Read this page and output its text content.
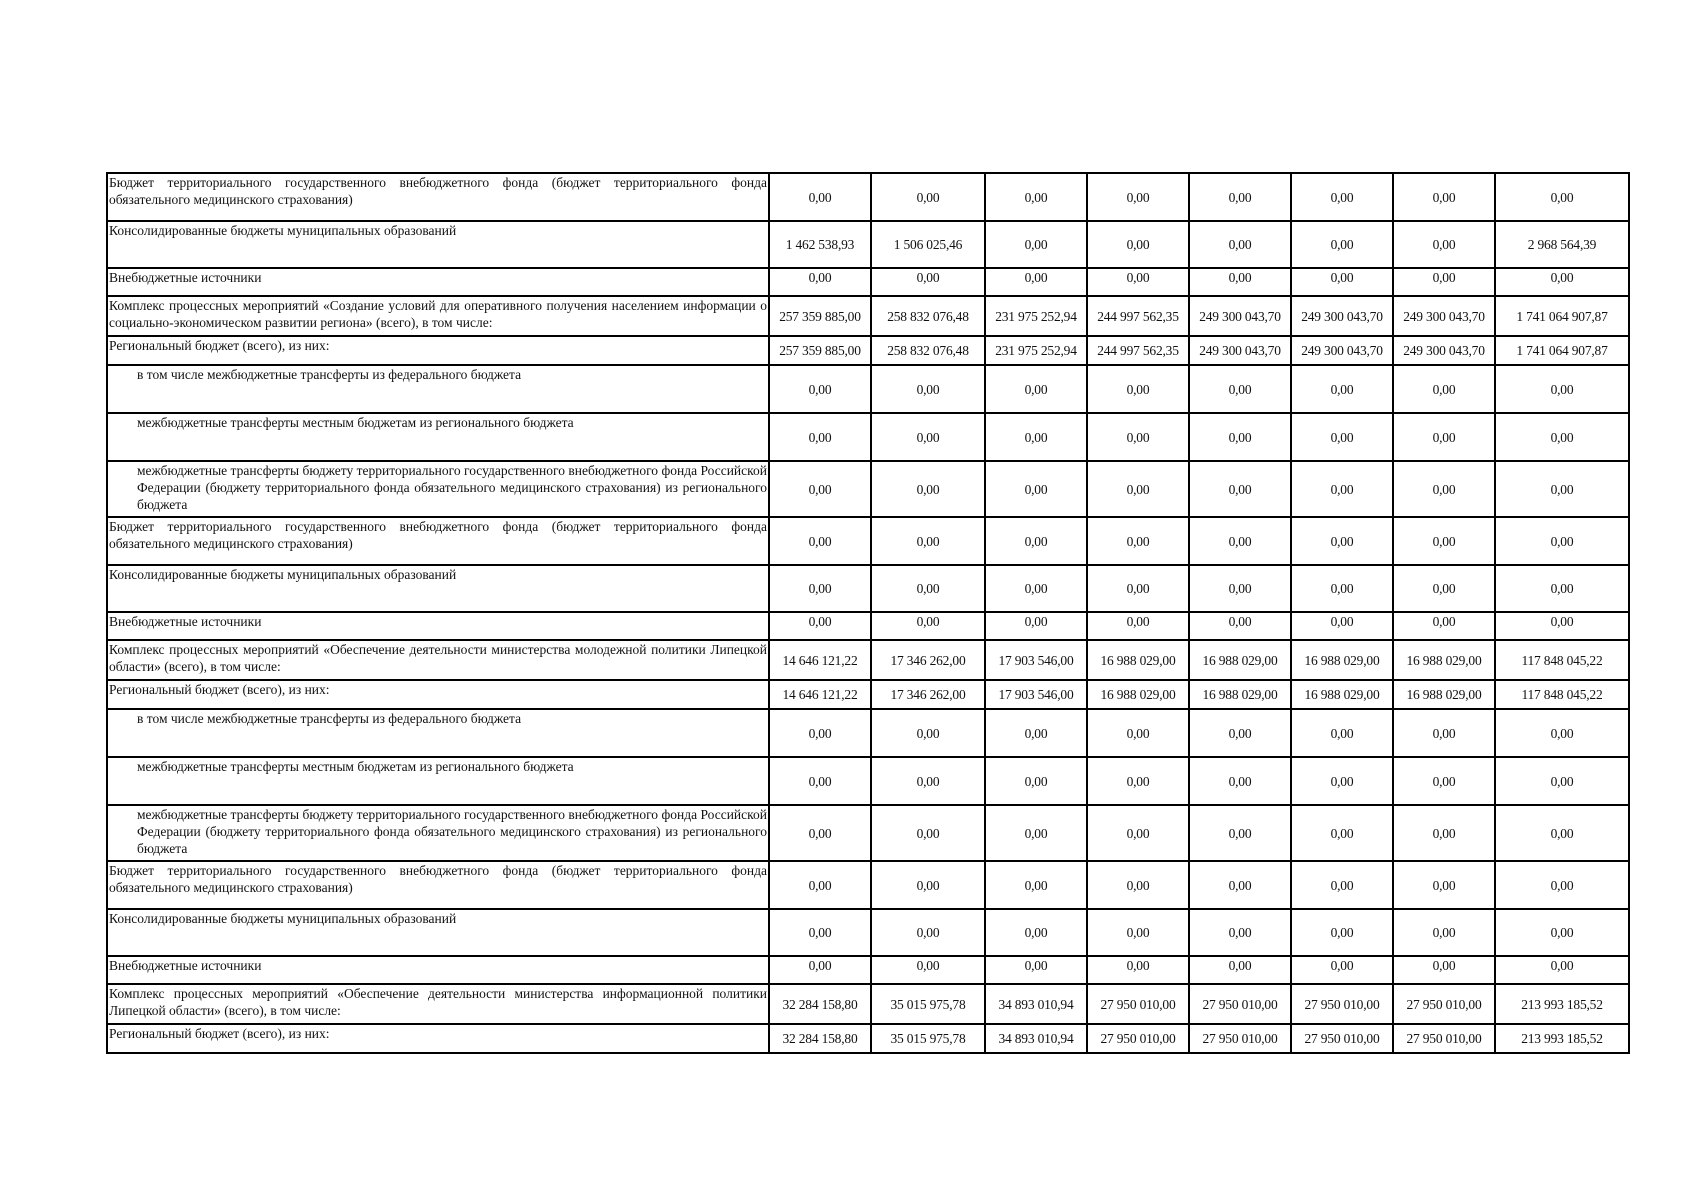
Бюджет территориального государственного внебюджетного фонда (бюджет территориального фонда обязательного медицинского страхования)	0,00	0,00	0,00	0,00	0,00	0,00	0,00	0,00
Консолидированные бюджеты муниципальных образований	1 462 538,93	1 506 025,46	0,00	0,00	0,00	0,00	0,00	2 968 564,39
Внебюджетные источники	0,00	0,00	0,00	0,00	0,00	0,00	0,00	0,00
Комплекс процессных мероприятий «Создание условий для оперативного получения населением информации о социально-экономическом развитии региона» (всего), в том числе:	257 359 885,00	258 832 076,48	231 975 252,94	244 997 562,35	249 300 043,70	249 300 043,70	249 300 043,70	1 741 064 907,87
Региональный бюджет (всего), из них:	257 359 885,00	258 832 076,48	231 975 252,94	244 997 562,35	249 300 043,70	249 300 043,70	249 300 043,70	1 741 064 907,87
в том числе межбюджетные трансферты из федерального бюджета	0,00	0,00	0,00	0,00	0,00	0,00	0,00	0,00
межбюджетные трансферты местным бюджетам из регионального бюджета	0,00	0,00	0,00	0,00	0,00	0,00	0,00	0,00
межбюджетные трансферты бюджету территориального государственного внебюджетного фонда Российской Федерации (бюджету территориального фонда обязательного медицинского страхования) из регионального бюджета	0,00	0,00	0,00	0,00	0,00	0,00	0,00	0,00
Бюджет территориального государственного внебюджетного фонда (бюджет территориального фонда обязательного медицинского страхования)	0,00	0,00	0,00	0,00	0,00	0,00	0,00	0,00
Консолидированные бюджеты муниципальных образований	0,00	0,00	0,00	0,00	0,00	0,00	0,00	0,00
Внебюджетные источники	0,00	0,00	0,00	0,00	0,00	0,00	0,00	0,00
Комплекс процессных мероприятий «Обеспечение деятельности министерства молодежной политики Липецкой области» (всего), в том числе:	14 646 121,22	17 346 262,00	17 903 546,00	16 988 029,00	16 988 029,00	16 988 029,00	16 988 029,00	117 848 045,22
Региональный бюджет (всего), из них:	14 646 121,22	17 346 262,00	17 903 546,00	16 988 029,00	16 988 029,00	16 988 029,00	16 988 029,00	117 848 045,22
в том числе межбюджетные трансферты из федерального бюджета	0,00	0,00	0,00	0,00	0,00	0,00	0,00	0,00
межбюджетные трансферты местным бюджетам из регионального бюджета	0,00	0,00	0,00	0,00	0,00	0,00	0,00	0,00
межбюджетные трансферты бюджету территориального государственного внебюджетного фонда Российской Федерации (бюджету территориального фонда обязательного медицинского страхования) из регионального бюджета	0,00	0,00	0,00	0,00	0,00	0,00	0,00	0,00
Бюджет территориального государственного внебюджетного фонда (бюджет территориального фонда обязательного медицинского страхования)	0,00	0,00	0,00	0,00	0,00	0,00	0,00	0,00
Консолидированные бюджеты муниципальных образований	0,00	0,00	0,00	0,00	0,00	0,00	0,00	0,00
Внебюджетные источники	0,00	0,00	0,00	0,00	0,00	0,00	0,00	0,00
Комплекс процессных мероприятий «Обеспечение деятельности министерства информационной политики Липецкой области» (всего), в том числе:	32 284 158,80	35 015 975,78	34 893 010,94	27 950 010,00	27 950 010,00	27 950 010,00	27 950 010,00	213 993 185,52
Региональный бюджет (всего), из них:	32 284 158,80	35 015 975,78	34 893 010,94	27 950 010,00	27 950 010,00	27 950 010,00	27 950 010,00	213 993 185,52
